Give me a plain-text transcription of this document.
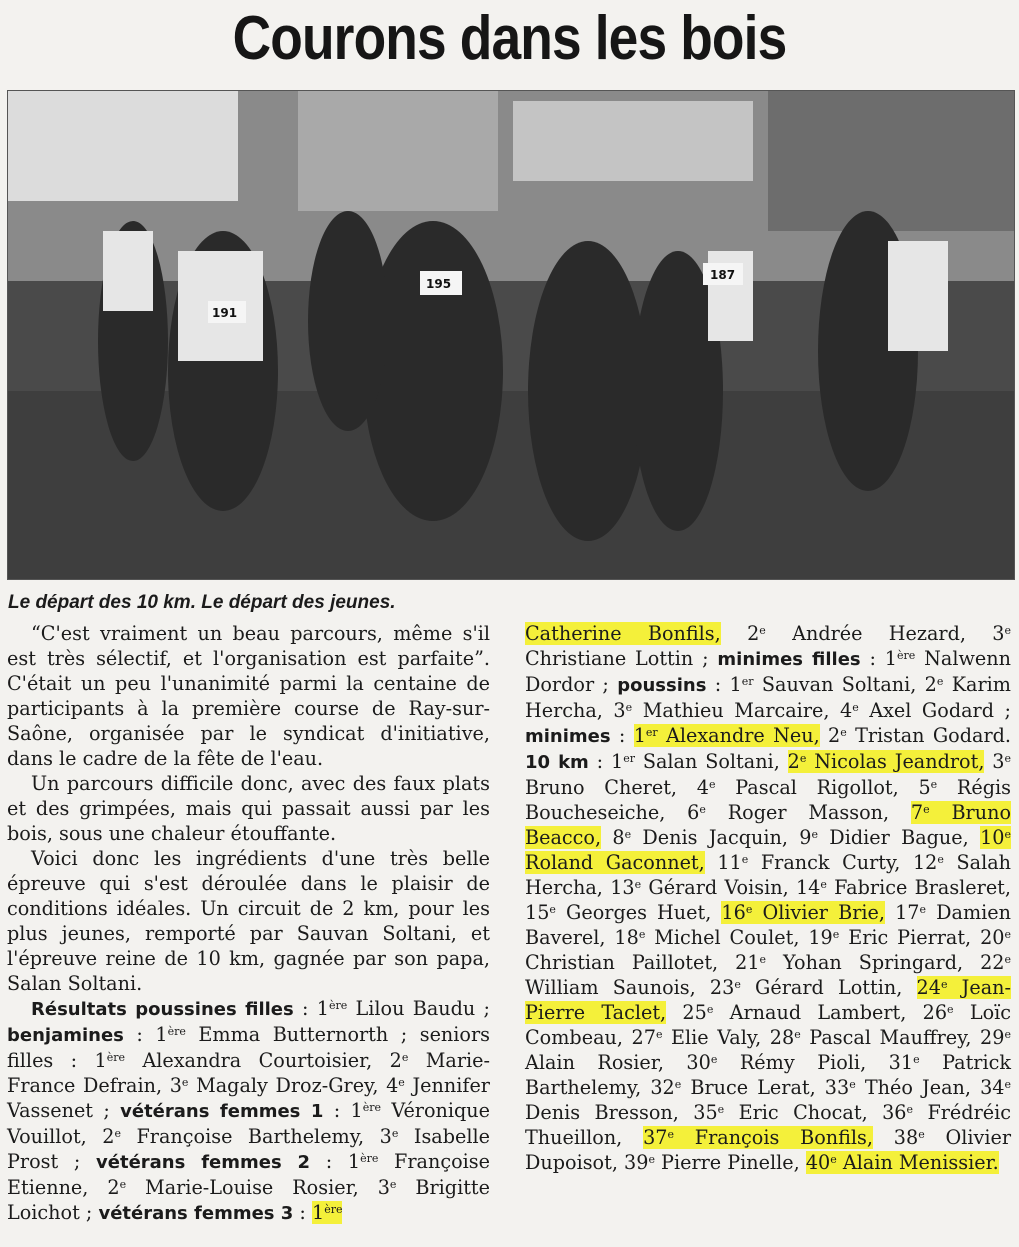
Courons dans les bois
191
195
187
Le départ des 10 km. Le départ des jeunes.

“C'est vraiment un beau parcours, même s'il est très sélectif, et l'organisation est parfaite”. C'était un peu l'unanimité parmi la centaine de participants à la première course de Ray-sur-Saône, organisée par le syndicat d'initiative, dans le cadre de la fête de l'eau.

Un parcours difficile donc, avec des faux plats et des grimpées, mais qui passait aussi par les bois, sous une chaleur étouffante.

Voici donc les ingrédients d'une très belle épreuve qui s'est déroulée dans le plaisir de conditions idéales. Un circuit de 2 km, pour les plus jeunes, remporté par Sauvan Soltani, et l'épreuve reine de 10 km, gagnée par son papa, Salan Soltani.

Résultats poussines filles : 1ère Lilou Baudu ; benjamines : 1ère Emma Butternorth ; seniors filles : 1ère Alexandra Courtoisier, 2e Marie-France Defrain, 3e Magaly Droz-Grey, 4e Jennifer Vassenet ; vétérans femmes 1 : 1ère Véronique Vouillot, 2e Françoise Barthelemy, 3e Isabelle Prost ; vétérans femmes 2 : 1ère Françoise Etienne, 2e Marie-Louise Rosier, 3e Brigitte Loichot ; vétérans femmes 3 : 1ère

Catherine Bonfils, 2e Andrée Hezard, 3e Christiane Lottin ; minimes filles : 1ère Nalwenn Dordor ; poussins : 1er Sauvan Soltani, 2e Karim Hercha, 3e Mathieu Marcaire, 4e Axel Godard ; minimes : 1er Alexandre Neu, 2e Tristan Godard. 10 km : 1er Salan Soltani, 2e Nicolas Jeandrot, 3e Bruno Cheret, 4e Pascal Rigollot, 5e Régis Boucheseiche, 6e Roger Masson, 7e Bruno Beacco, 8e Denis Jacquin, 9e Didier Bague, 10e Roland Gaconnet, 11e Franck Curty, 12e Salah Hercha, 13e Gérard Voisin, 14e Fabrice Brasleret, 15e Georges Huet, 16e Olivier Brie, 17e Damien Baverel, 18e Michel Coulet, 19e Eric Pierrat, 20e Christian Paillotet, 21e Yohan Springard, 22e William Saunois, 23e Gérard Lottin, 24e Jean-Pierre Taclet, 25e Arnaud Lambert, 26e Loïc Combeau, 27e Elie Valy, 28e Pascal Mauffrey, 29e Alain Rosier, 30e Rémy Pioli, 31e Patrick Barthelemy, 32e Bruce Lerat, 33e Théo Jean, 34e Denis Bresson, 35e Eric Chocat, 36e Frédréic Thueillon, 37e François Bonfils, 38e Olivier Dupoisot, 39e Pierre Pinelle, 40e Alain Menissier.
